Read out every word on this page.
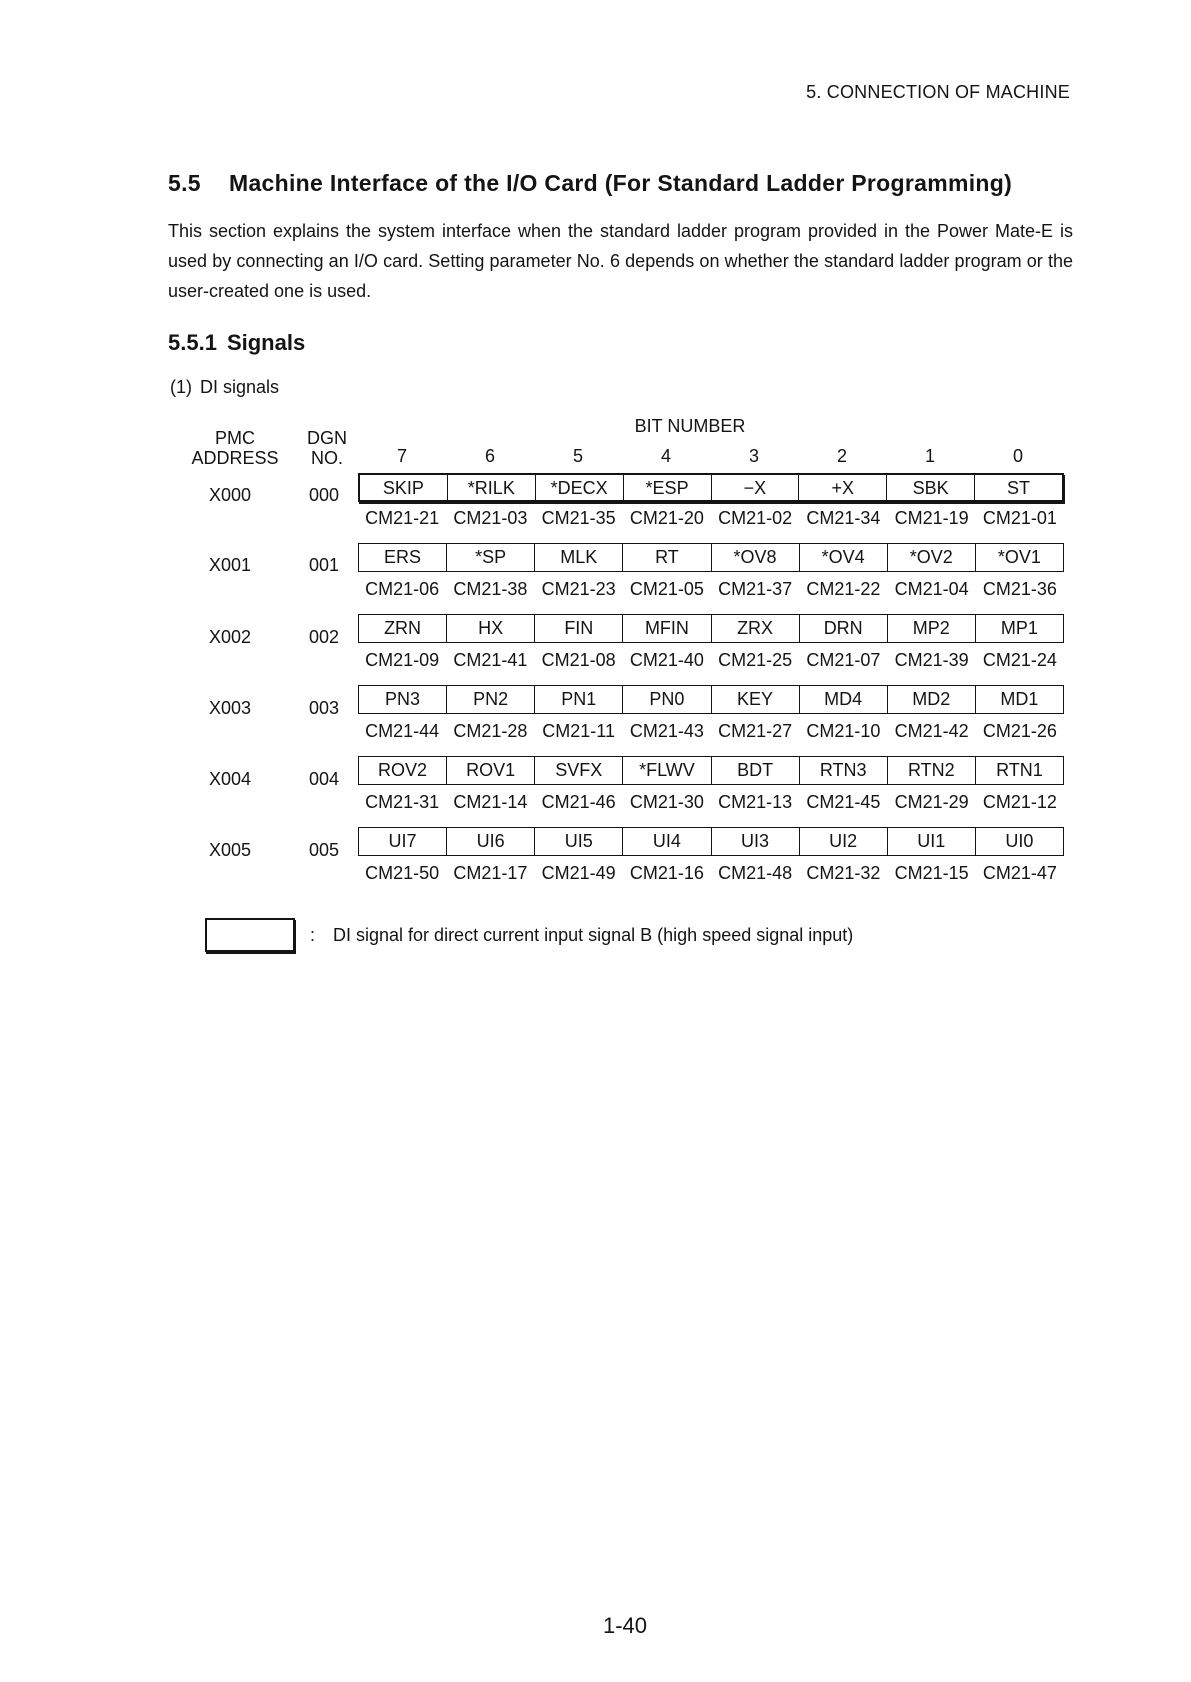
5. CONNECTION OF MACHINE
5.5 Machine Interface of the I/O Card (For Standard Ladder Programming)
This section explains the system interface when the standard ladder program provided in the Power Mate-E is used by connecting an I/O card. Setting parameter No. 6 depends on whether the standard ladder program or the user-created one is used.
5.5.1 Signals
(1) DI signals
BIT NUMBER
PMC
ADDRESS
DGN
NO.	7	6	5	4	3	2	1	0
X000	000	SKIP	*RILK	*DECX	*ESP	−X	+X	SBK	ST
CM21-21 CM21-03 CM21-35 CM21-20 CM21-02 CM21-34 CM21-19 CM21-01
X001	001	ERS	*SP	MLK	RT	*OV8	*OV4	*OV2	*OV1
CM21-06 CM21-38 CM21-23 CM21-05 CM21-37 CM21-22 CM21-04 CM21-36
X002	002	ZRN	HX	FIN	MFIN	ZRX	DRN	MP2	MP1
CM21-09 CM21-41 CM21-08 CM21-40 CM21-25 CM21-07 CM21-39 CM21-24
X003	003	PN3	PN2	PN1	PN0	KEY	MD4	MD2	MD1
CM21-44 CM21-28 CM21-11 CM21-43 CM21-27 CM21-10 CM21-42 CM21-26
X004	004	ROV2	ROV1	SVFX	*FLWV	BDT	RTN3	RTN2	RTN1
CM21-31 CM21-14 CM21-46 CM21-30 CM21-13 CM21-45 CM21-29 CM21-12
X005	005	UI7	UI6	UI5	UI4	UI3	UI2	UI1	UI0
CM21-50 CM21-17 CM21-49 CM21-16 CM21-48 CM21-32 CM21-15 CM21-47
: DI signal for direct current input signal B (high speed signal input)
1-40
